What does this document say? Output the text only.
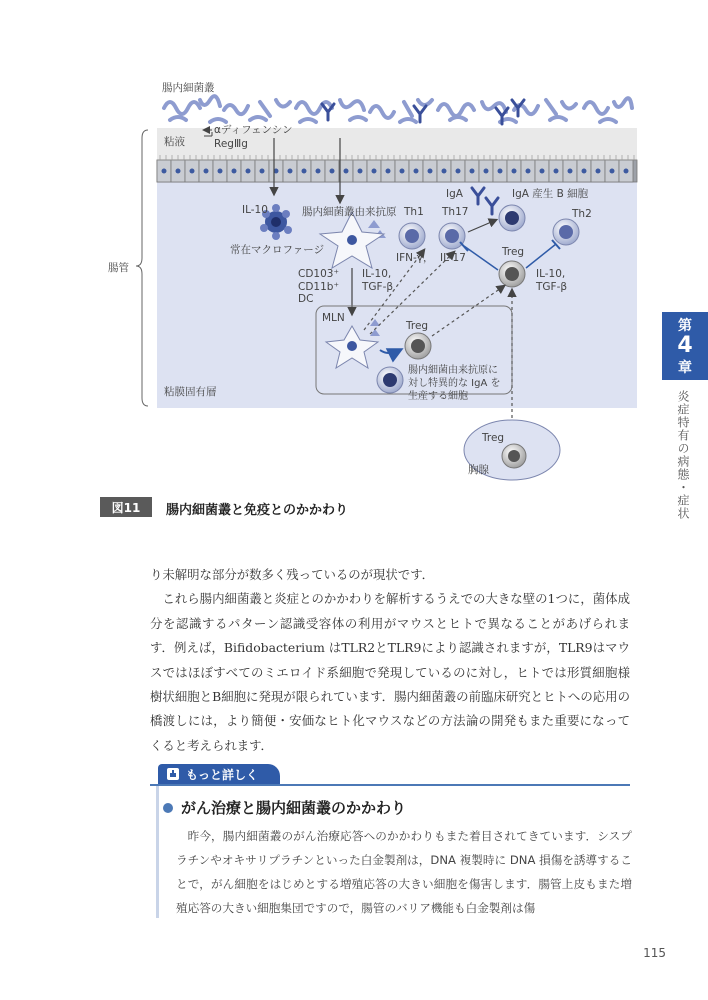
腸内細菌叢
粘液
αディフェンシン
RegⅢg
IL-10	腸内細菌叢由来抗原
常在マクロファージ
Th1 Th17
IgA	IgA 産生 B 細胞
Th2
IFN-γ， IL-17	Treg
CD103⁺
CD11b⁺
DC
IL-10,
TGF-β
IL-10,
TGF-β
MLN
Treg
腸内細菌由来抗原に
対し特異的な IgA を
生産する細胞
腸管
粘膜固有層
Treg
胸腺
図11	腸内細菌叢と免疫とのかかわり

り未解明な部分が数多く残っているのが現状です．

これら腸内細菌叢と炎症とのかかわりを解析するうえでの大きな壁の1つに，菌体成分を認識するパターン認識受容体の利用がマウスとヒトで異なることがあげられます．例えば，Bifidobacterium はTLR2とTLR9により認識されますが，TLR9はマウスではほぼすべてのミエロイド系細胞で発現しているのに対し，ヒトでは形質細胞様樹状細胞とB細胞に発現が限られています．腸内細菌叢の前臨床研究とヒトへの応用の橋渡しには，より簡便・安価なヒト化マウスなどの方法論の開発もまた重要になってくると考えられます．

もっと詳しく
がん治療と腸内細菌叢のかかわり

昨今，腸内細菌叢のがん治療応答へのかかわりもまた着目されてきています．シスプラチンやオキサリプラチンといった白金製剤は，DNA 複製時に DNA 損傷を誘導することで，がん細胞をはじめとする増殖応答の大きい細胞を傷害します．腸管上皮もまた増殖応答の大きい細胞集団ですので，腸管のバリア機能も白金製剤は傷

第
4
章
炎症特有の病態・症状
115
